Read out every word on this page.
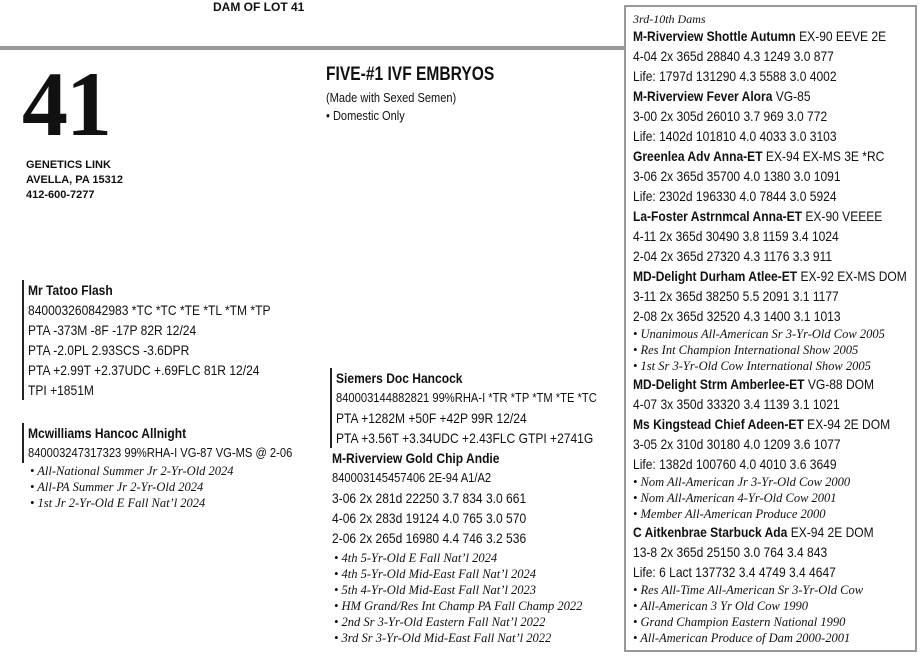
DAM OF LOT 41
41
GENETICS LINK
AVELLA, PA 15312
412-600-7277
FIVE-#1 IVF EMBRYOS
(Made with Sexed Semen)
• Domestic Only
Mr Tatoo Flash
840003260842983 *TC *TC *TE *TL *TM *TP
PTA -373M -8F -17P 82R 12/24
PTA -2.0PL 2.93SCS -3.6DPR
PTA +2.99T +2.37UDC +.69FLC 81R 12/24
TPI +1851M
Mcwilliams Hancoc Allnight
840003247317323 99%RHA-I VG-87 VG-MS @ 2-06
• All-National Summer Jr 2-Yr-Old 2024
• All-PA Summer Jr 2-Yr-Old 2024
• 1st Jr 2-Yr-Old E Fall Nat’l 2024
Siemers Doc Hancock
840003144882821 99%RHA-I *TR *TP *TM *TE *TC
PTA +1282M +50F +42P 99R 12/24
PTA +3.56T +3.34UDC +2.43FLC GTPI +2741G
M-Riverview Gold Chip Andie
840003145457406 2E-94 A1/A2
3-06 2x 281d 22250 3.7 834 3.0 661
4-06 2x 283d 19124 4.0 765 3.0 570
2-06 2x 265d 16980 4.4 746 3.2 536
• 4th 5-Yr-Old E Fall Nat’l 2024
• 4th 5-Yr-Old Mid-East Fall Nat’l 2024
• 5th 4-Yr-Old Mid-East Fall Nat’l 2023
• HM Grand/Res Int Champ PA Fall Champ 2022
• 2nd Sr 3-Yr-Old Eastern Fall Nat’l 2022
• 3rd Sr 3-Yr-Old Mid-East Fall Nat’l 2022
3rd-10th Dams
M-Riverview Shottle Autumn EX-90 EEVE 2E
4-04 2x 365d 28840 4.3 1249 3.0 877
Life: 1797d 131290 4.3 5588 3.0 4002
M-Riverview Fever Alora VG-85
3-00 2x 305d 26010 3.7 969 3.0 772
Life: 1402d 101810 4.0 4033 3.0 3103
Greenlea Adv Anna-ET EX-94 EX-MS 3E *RC
3-06 2x 365d 35700 4.0 1380 3.0 1091
Life: 2302d 196330 4.0 7844 3.0 5924
La-Foster Astrnmcal Anna-ET EX-90 VEEEE
4-11 2x 365d 30490 3.8 1159 3.4 1024
2-04 2x 365d 27320 4.3 1176 3.3 911
MD-Delight Durham Atlee-ET EX-92 EX-MS DOM
3-11 2x 365d 38250 5.5 2091 3.1 1177
2-08 2x 365d 32520 4.3 1400 3.1 1013
• Unanimous All-American Sr 3-Yr-Old Cow 2005
• Res Int Champion International Show 2005
• 1st Sr 3-Yr-Old Cow International Show 2005
MD-Delight Strm Amberlee-ET VG-88 DOM
4-07 3x 350d 33320 3.4 1139 3.1 1021
Ms Kingstead Chief Adeen-ET EX-94 2E DOM
3-05 2x 310d 30180 4.0 1209 3.6 1077
Life: 1382d 100760 4.0 4010 3.6 3649
• Nom All-American Jr 3-Yr-Old Cow 2000
• Nom All-American 4-Yr-Old Cow 2001
• Member All-American Produce 2000
C Aitkenbrae Starbuck Ada EX-94 2E DOM
13-8 2x 365d 25150 3.0 764 3.4 843
Life: 6 Lact 137732 3.4 4749 3.4 4647
• Res All-Time All-American Sr 3-Yr-Old Cow
• All-American 3 Yr Old Cow 1990
• Grand Champion Eastern National 1990
• All-American Produce of Dam 2000-2001
